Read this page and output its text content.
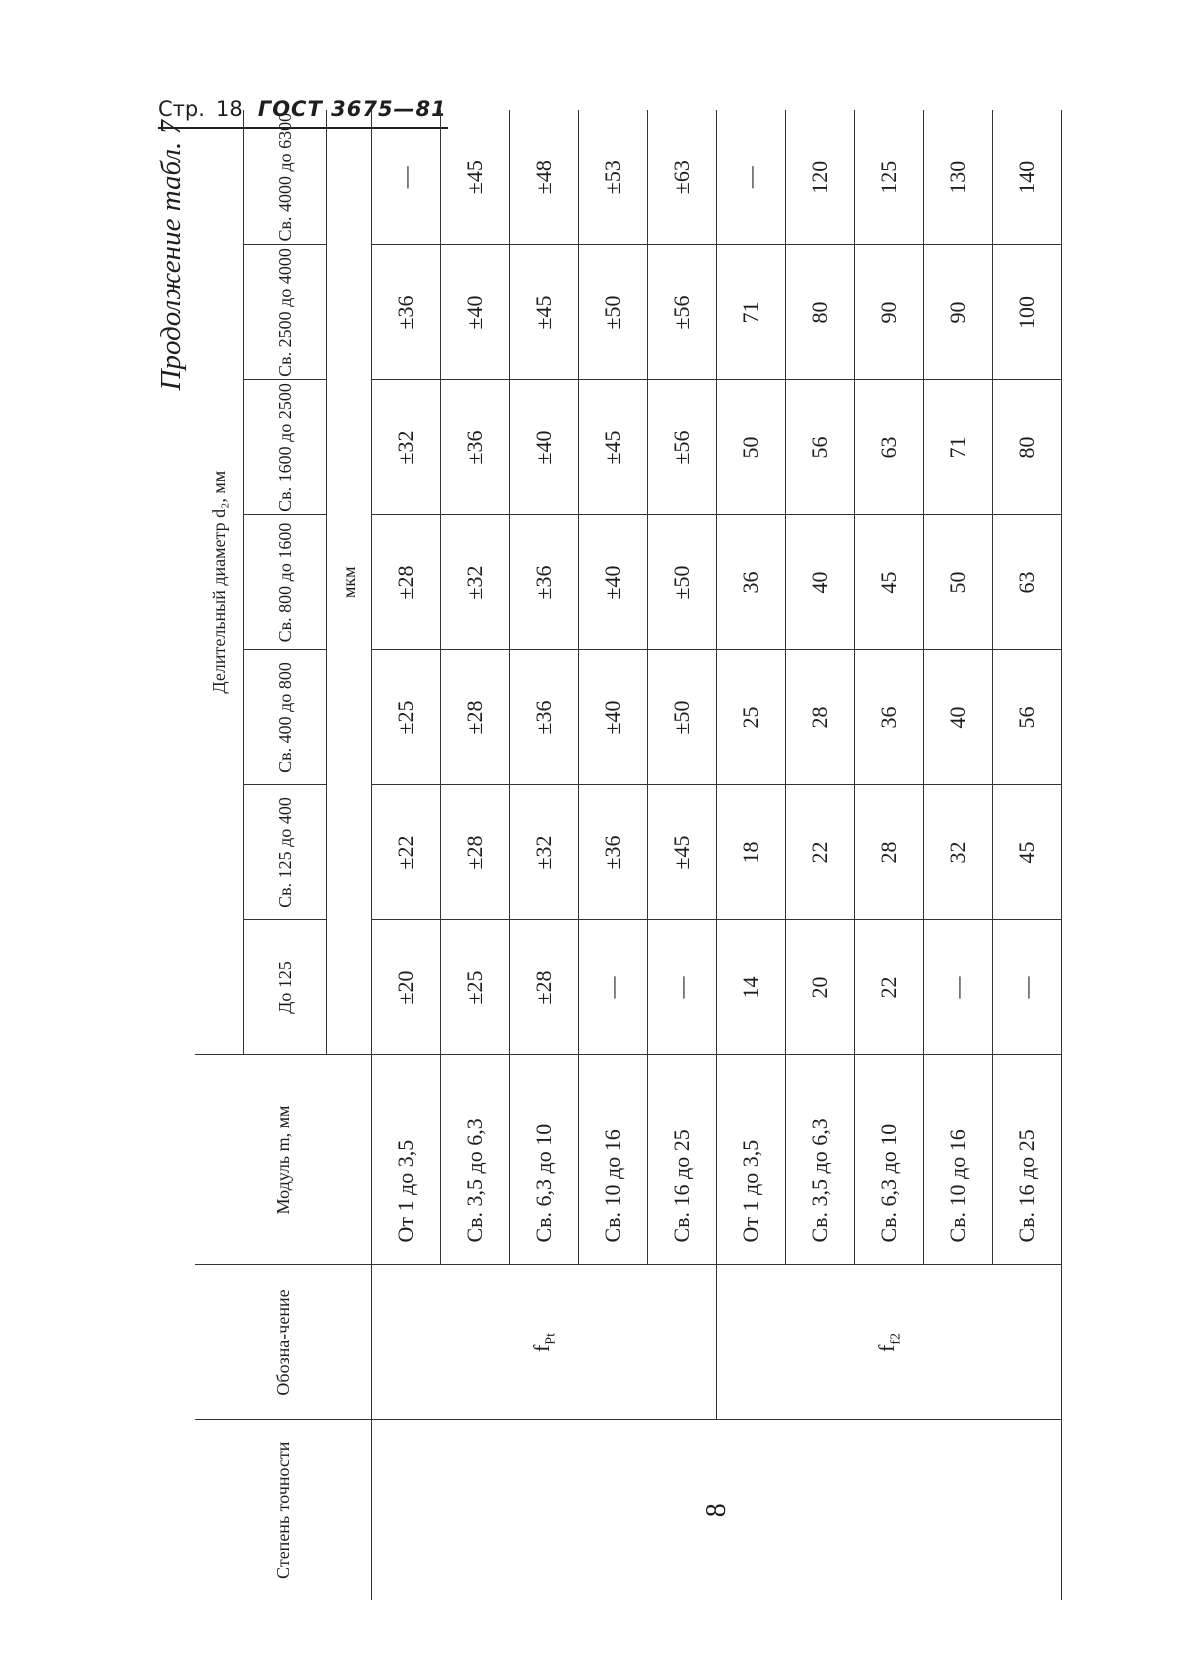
Стр. 18 ГОСТ 3675—81
Продолжение табл. 7
Степень точности	Обозна-чение	Модуль m, мм	Делительный диаметр d₂, мм						
			До 125	Св. 125 до 400	Св. 400 до 800	Св. 800 до 1600	Св. 1600 до 2500	Св. 2500 до 4000	Св. 4000 до 6300
			мкм						
8	$f_{Pt}$	От 1 до 3,5	±20	±22	±25	±28	±32	±36	—
		Св. 3,5 до 6,3	±25	±28	±28	±32	±36	±40	±45
		Св. 6,3 до 10	±28	±32	±36	±36	±40	±45	±48
		Св. 10 до 16	—	±36	±40	±40	±45	±50	±53
		Св. 16 до 25	—	±45	±50	±50	±56	±56	±63
	$f_{f2}$	От 1 до 3,5	14	18	25	36	50	71	—
		Св. 3,5 до 6,3	20	22	28	40	56	80	120
		Св. 6,3 до 10	22	28	36	45	63	90	125
		Св. 10 до 16	—	32	40	50	71	90	130
		Св. 16 до 25	—	45	56	63	80	100	140
